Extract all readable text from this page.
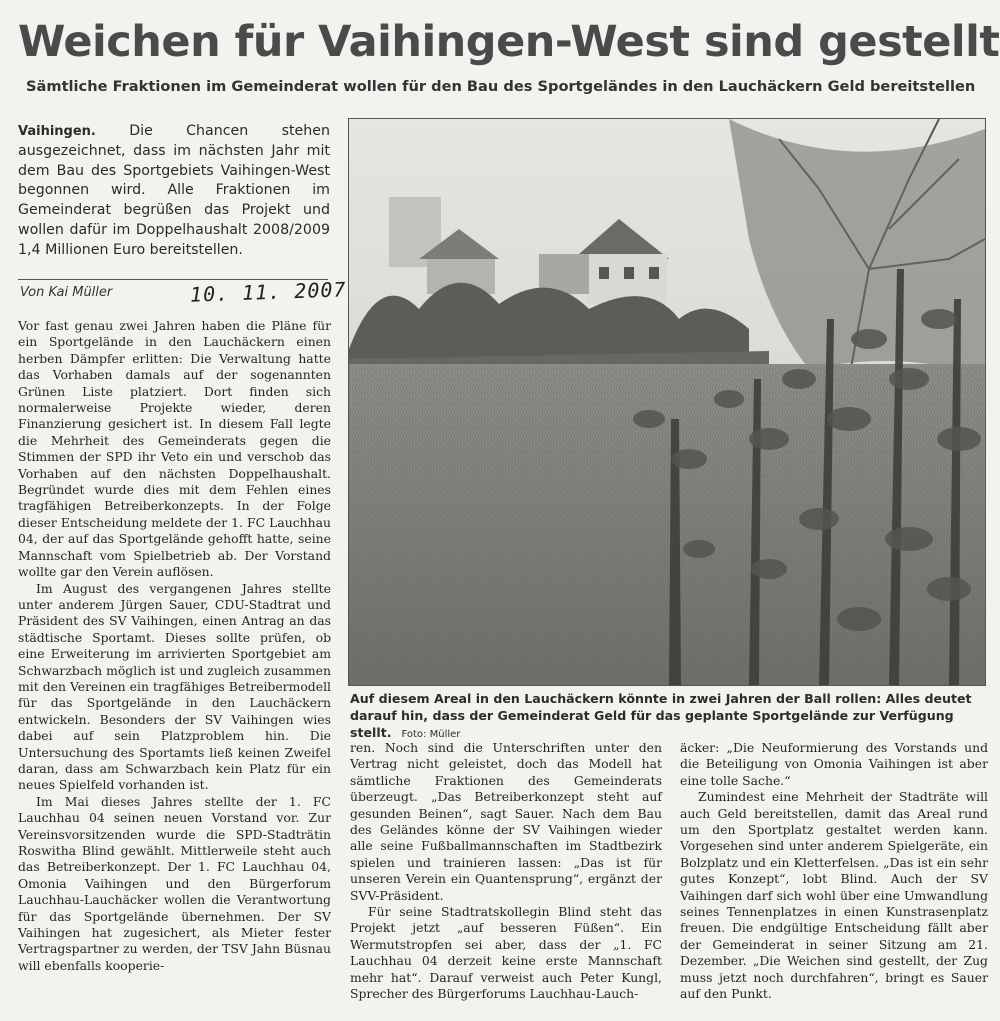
Weichen für Vaihingen-West sind gestellt
Sämtliche Fraktionen im Gemeinderat wollen für den Bau des Sportgeländes in den Lauchäckern Geld bereitstellen

Vaihingen. Die Chancen stehen ausgezeichnet, dass im nächsten Jahr mit dem Bau des Sportgebiets Vaihingen-West begonnen wird. Alle Fraktionen im Gemeinderat begrüßen das Projekt und wollen dafür im Doppelhaushalt 2008/2009 1,4 Millionen Euro bereitstellen.

Von Kai Müller	10. 11. 2007

Vor fast genau zwei Jahren haben die Pläne für ein Sportgelände in den Lauchäckern einen herben Dämpfer erlitten: Die Verwaltung hatte das Vorhaben damals auf der sogenannten Grünen Liste platziert. Dort finden sich normalerweise Projekte wieder, deren Finanzierung gesichert ist. In diesem Fall legte die Mehrheit des Gemeinderats gegen die Stimmen der SPD ihr Veto ein und verschob das Vorhaben auf den nächsten Doppelhaushalt. Begründet wurde dies mit dem Fehlen eines tragfähigen Betreiberkonzepts. In der Folge dieser Entscheidung meldete der 1. FC Lauchhau 04, der auf das Sportgelände gehofft hatte, seine Mannschaft vom Spielbetrieb ab. Der Vorstand wollte gar den Verein auflösen.

Im August des vergangenen Jahres stellte unter anderem Jürgen Sauer, CDU-Stadtrat und Präsident des SV Vaihingen, einen Antrag an das städtische Sportamt. Dieses sollte prüfen, ob eine Erweiterung im arrivierten Sportgebiet am Schwarzbach möglich ist und zugleich zusammen mit den Vereinen ein tragfähiges Betreibermodell für das Sportgelände in den Lauchäckern entwickeln. Besonders der SV Vaihingen wies dabei auf sein Platzproblem hin. Die Untersuchung des Sportamts ließ keinen Zweifel daran, dass am Schwarzbach kein Platz für ein neues Spielfeld vorhanden ist.

Im Mai dieses Jahres stellte der 1. FC Lauchhau 04 seinen neuen Vorstand vor. Zur Vereinsvorsitzenden wurde die SPD-Stadträtin Roswitha Blind gewählt. Mittlerweile steht auch das Betreiberkonzept. Der 1. FC Lauchhau 04, Omonia Vaihingen und den Bürgerforum Lauchhau-Lauchäcker wollen die Verantwortung für das Sportgelände übernehmen. Der SV Vaihingen hat zugesichert, als Mieter fester Vertragspartner zu werden, der TSV Jahn Büsnau will ebenfalls kooperie-

Auf diesem Areal in den Lauchäckern könnte in zwei Jahren der Ball rollen: Alles deutet darauf hin, dass der Gemeinderat Geld für das geplante Sportgelände zur Verfügung stellt. Foto: Müller

ren. Noch sind die Unterschriften unter den Vertrag nicht geleistet, doch das Modell hat sämtliche Fraktionen des Gemeinderats überzeugt. „Das Betreiberkonzept steht auf gesunden Beinen“, sagt Sauer. Nach dem Bau des Geländes könne der SV Vaihingen wieder alle seine Fußballmannschaften im Stadtbezirk spielen und trainieren lassen: „Das ist für unseren Verein ein Quantensprung“, ergänzt der SVV-Präsident.

Für seine Stadtratskollegin Blind steht das Projekt jetzt „auf besseren Füßen“. Ein Wermutstropfen sei aber, dass der „1. FC Lauchhau 04 derzeit keine erste Mannschaft mehr hat“. Darauf verweist auch Peter Kungl, Sprecher des Bürgerforums Lauchhau-Lauch-

äcker: „Die Neuformierung des Vorstands und die Beteiligung von Omonia Vaihingen ist aber eine tolle Sache.“

Zumindest eine Mehrheit der Stadträte will auch Geld bereitstellen, damit das Areal rund um den Sportplatz gestaltet werden kann. Vorgesehen sind unter anderem Spielgeräte, ein Bolzplatz und ein Kletterfelsen. „Das ist ein sehr gutes Konzept“, lobt Blind. Auch der SV Vaihingen darf sich wohl über eine Umwandlung seines Tennenplatzes in einen Kunstrasenplatz freuen. Die endgültige Entscheidung fällt aber der Gemeinderat in seiner Sitzung am 21. Dezember. „Die Weichen sind gestellt, der Zug muss jetzt noch durchfahren“, bringt es Sauer auf den Punkt.
